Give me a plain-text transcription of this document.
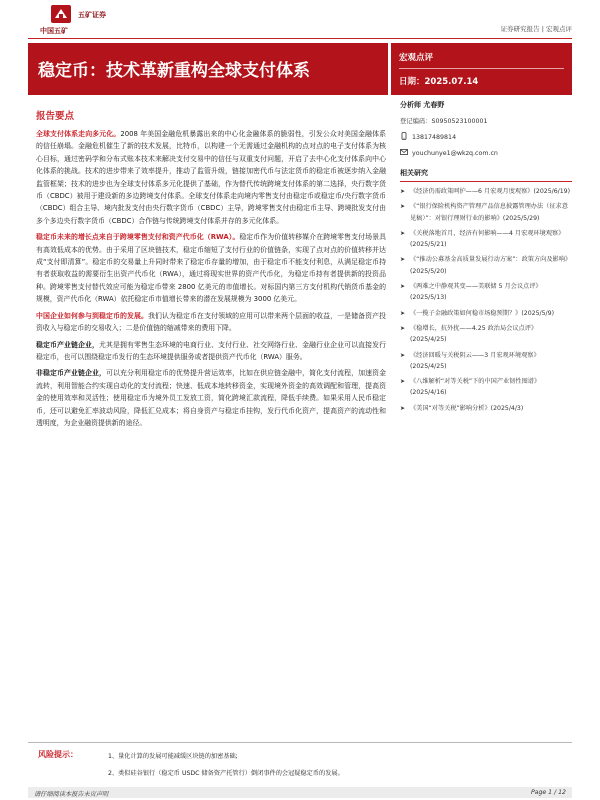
中国五矿
五矿证券
证券研究报告 | 宏观点评
稳定币：技术革新重构全球支付体系
宏观点评
日期：2025.07.14
报告要点

全球支付体系走向多元化。2008 年美国金融危机暴露出来的中心化金融体系的脆弱性，引发公众对美国金融体系的信任崩塌。金融危机催生了新的技术发展，比特币，以构建一个无需通过金融机构的点对点的电子支付体系为核心目标，通过密码学和分布式账本技术来解决支付交易中的信任与双重支付问题，开启了去中心化支付体系向中心化体系的挑战。技术的进步带来了效率提升，推动了监管升级，链接加密代币与法定货币的稳定币被逐步纳入金融监管框架；技术的进步也为全球支付体系多元化提供了基础，作为替代传统跨境支付体系的第二选择，央行数字货币（CBDC）被用于建设新的多边跨境支付体系。全球支付体系走向境内零售支付由稳定币或稳定币/央行数字货币（CBDC）组合主导、境内批发支付由央行数字货币（CBDC）主导，跨境零售支付由稳定币主导、跨境批发支付由多个多边央行数字货币（CBDC）合作链与传统跨境支付体系并存的多元化体系。

稳定币未来的增长点来自于跨境零售支付和资产代币化（RWA）。稳定币作为价值转移媒介在跨境零售支付场景具有高效低成本的优势。由于采用了区块链技术，稳定币缩短了支付行业的价值链条，实现了点对点的价值转移并达成“支付即清算”。稳定币的交易量上升同时带来了稳定币存量的增加，由于稳定币不能支付利息，从满足稳定币持有者获取收益的需要衍生出资产代币化（RWA），通过将现实世界的资产代币化，为稳定币持有者提供新的投资品种。跨境零售支付替代效应可能为稳定币带来 2800 亿美元的市值增长。对标国内第三方支付机构代销货币基金的规模，资产代币化（RWA）依托稳定币市值增长带来的潜在发展规模为 3000 亿美元。

中国企业如何参与到稳定币的发展。我们认为稳定币在支付领域的应用可以带来两个层面的收益，一是储备资产投资收入与稳定币的交易收入；二是价值链的缩减带来的费用下降。

稳定币产业链企业，尤其是拥有零售生态环境的电商行业、支付行业、社交网络行业、金融行业企业可以直接发行稳定币，也可以围绕稳定币发行的生态环境提供服务或者提供资产代币化（RWA）服务。

非稳定币产业链企业，可以充分利用稳定币的优势提升营运效率，比如在供应链金融中，简化支付流程，加速资金流转，利用智能合约实现自动化的支付流程；快速、低成本地转移资金，实现境外资金的高效调配和管理，提高资金的使用效率和灵活性；使用稳定币为境外员工发放工资，简化跨境汇款流程，降低手续费。如果采用人民币稳定币，还可以避免汇率波动风险，降低汇兑成本；将自身资产与稳定币挂钩，发行代币化资产，提高资产的流动性和透明度，为企业融资提供新的途径。

分析师 尤春野
登记编码：S0950523100001
13817489814
youchunye1@wkzq.com.cn
相关研究
➤ 《经济仍需政策呵护——6 月宏观月度观察》(2025/6/19)
➤ 《“银行保险机构资产管理产品信息披露管理办法（征求意见稿）”：对银行理财行业的影响》(2025/5/29)
➤ 《关税落地首月，经济有何影响——4 月宏观环境观察》(2025/5/21)
➤ 《“推动公募基金高质量发展行动方案”：政策方向及影响》(2025/5/20)
➤ 《两难之中静观其变——美联储 5 月会议点评》(2025/5/13)
➤ 《一揽子金融政策如何稳市场稳预期？》(2025/5/9)
➤ 《稳增长，抗外扰——4.25 政治局会议点评》(2025/4/25)
➤ 《经济回暖与关税阴云——3 月宏观环境观察》(2025/4/25)
➤ 《八维解析“对等关税”下的中国产业韧性图谱》(2025/4/16)
➤ 《美国“对等关税”影响分析》(2025/4/3)
风险提示：	1、量化计算的发展可能减缓区块链的加密基础;
2、类似硅谷银行（稳定币 USDC 储备资产托管行）倒闭事件的会冠疑稳定币的发展。
请仔细阅读本报告末页声明	Page 1 / 12
